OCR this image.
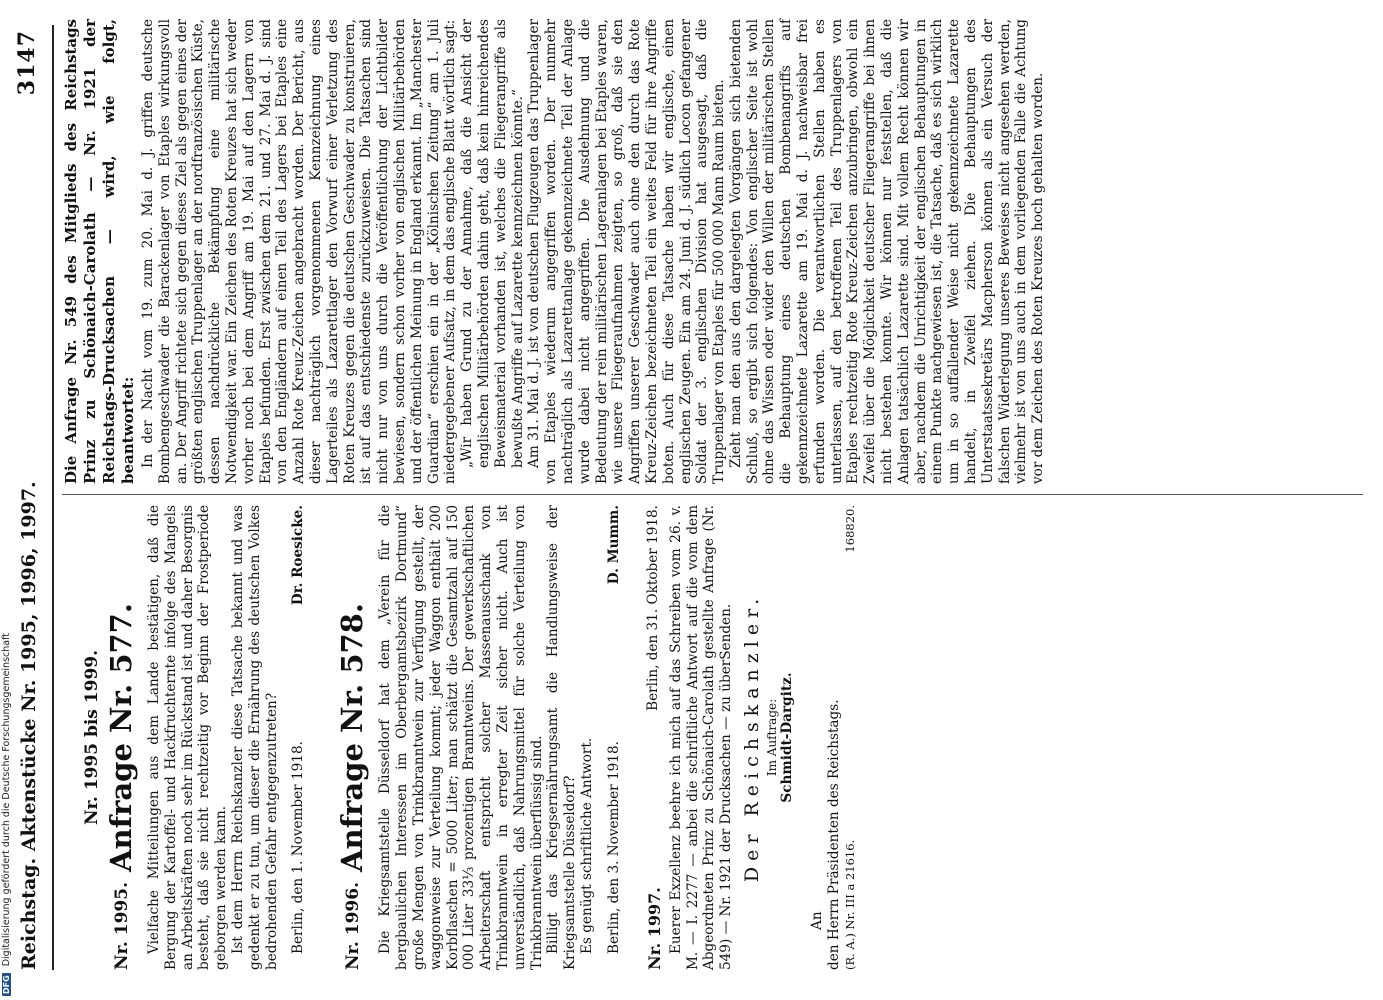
Reichstag. Aktenstücke Nr. 1995, 1996, 1997.
3147
Nr. 1995 bis 1999.
Nr. 1995.
Anfrage Nr. 577. Vielfache Mitteilungen aus dem Lande bestätigen, daß die Bergung der Kartoffel- und Hackfruchternte infolge des Mangels an Arbeitskräften noch sehr im Rückstand ist und daher Besorgnis besteht, daß sie nicht rechtzeitig vor Beginn der Frostperiode geborgen werden kann. Ist dem Herrn Reichskanzler diese Tatsache bekannt und was gedenkt er zu tun, um dieser die Ernährung des deutschen Volkes bedrohenden Gefahr entgegenzutreten? Berlin, den 1. November 1918.
Dr. Roesicke.
Nr. 1996.
Anfrage Nr. 578. Die Kriegsamtstelle Düsseldorf hat dem „Verein für die bergbaulichen Interessen im Oberbergamtsbezirk Dortmund“ große Mengen von Trinkbranntwein zur Verfügung gestellt, der waggonweise zur Verteilung kommt; jeder Waggon enthält 200 Korbflaschen = 5000 Liter; man schätzt die Gesamtzahl auf 150 000 Liter 33⅓ prozentigen Branntweins. Der gewerkschaftlichen Arbeiterschaft entspricht solcher Massenausschank von Trinkbranntwein in erregter Zeit sicher nicht. Auch ist unverständlich, daß Nahrungsmittel für solche Verteilung von Trinkbranntwein überflüssig sind. Billigt das Kriegsernährungsamt die Handlungsweise der Kriegsamtstelle Düsseldorf? Es genügt schriftliche Antwort. Berlin, den 3. November 1918.
D. Mumm.
Nr. 1997.
Berlin, den 31. Oktober 1918. Euerer Exzellenz beehre ich mich auf das Schreiben vom 26. v. M. — I. 2277 — anbei die schriftliche Antwort auf die vom dem Abgeordneten Prinz zu Schönaich-Carolath gestellte Anfrage (Nr. 549) — Nr. 1921 der Drucksachen — zu überSenden. Der Reichskanzler. Im Auftrage: Schmidt-Dargitz.
An den Herrn Präsidenten des Reichstags. (R. A.) Nr. III a 21616.
168820.

Die Anfrage Nr. 549 des Mitglieds des Reichstags Prinz zu Schönaich-Carolath — Nr. 1921 der Reichstags-Drucksachen — wird, wie folgt, beantwortet: In der Nacht vom 19. zum 20. Mai d. J. griffen deutsche Bombengeschwader die Barackenlager von Etaples wirkungsvoll an. Der Angriff richtete sich gegen dieses Ziel als gegen eines der größten englischen Truppenlager an der nordfranzösischen Küste, dessen nachdrückliche Bekämpfung eine militärische Notwendigkeit war. Ein Zeichen des Roten Kreuzes hat sich weder vorher noch bei dem Angriff am 19. Mai auf den Lagern von Etaples befunden. Erst zwischen dem 21. und 27. Mai d. J. sind von den Engländern auf einen Teil des Lagers bei Etaples eine Anzahl Rote Kreuz-Zeichen angebracht worden. Der Bericht, aus dieser nachträglich vorgenommenen Kennzeichnung eines Lagerteiles als Lazarettlager den Vorwurf einer Verletzung des Roten Kreuzes gegen die deutschen Geschwader zu konstruieren, ist auf das entschiedenste zurückzuweisen. Die Tatsachen sind nicht nur von uns durch die Veröffentlichung der Lichtbilder bewiesen, sondern schon vorher von englischen Militärbehörden und der öffentlichen Meinung in England erkannt. Im „Manchester Guardian“ erschien ein in der „Kölnischen Zeitung“ am 1. Juli niedergegebener Aufsatz, in dem das englische Blatt wörtlich sagt: „Wir haben Grund zu der Annahme, daß die Ansicht der englischen Militärbehörden dahin geht, daß kein hinreichendes Beweismaterial vorhanden ist, welches die Fliegerangriffe als bewußte Angriffe auf Lazarette kennzeichnen könnte.“ Am 31. Mai d. J. ist von deutschen Flugzeugen das Truppenlager von Etaples wiederum angegriffen worden. Der nunmehr nachträglich als Lazarettanlage gekennzeichnete Teil der Anlage wurde dabei nicht angegriffen. Die Ausdehnung und die Bedeutung der rein militärischen Lageranlagen bei Etaples waren, wie unsere Fliegeraufnahmen zeigten, so groß, daß sie den Angriffen unserer Geschwader auch ohne den durch das Rote Kreuz-Zeichen bezeichneten Teil ein weites Feld für ihre Angriffe boten. Auch für diese Tatsache haben wir englische, einen englischen Zeugen. Ein am 24. Juni d. J. südlich Locon gefangener Soldat der 3. englischen Division hat ausgesagt, daß die Truppenlager von Etaples für 500 000 Mann Raum bieten. Zieht man den aus den dargelegten Vorgängen sich bietenden Schluß, so ergibt sich folgendes: Von englischer Seite ist wohl ohne das Wissen oder wider den Willen der militärischen Stellen die Behauptung eines deutschen Bombenangriffs auf gekennzeichnete Lazarette am 19. Mai d. J. nachweisbar frei erfunden worden. Die verantwortlichen Stellen haben es unterlassen, auf den betroffenen Teil des Truppenlagers von Etaples rechtzeitig Rote Kreuz-Zeichen anzubringen, obwohl ein Zweifel über die Möglichkeit deutscher Fliegerangriffe bei ihnen nicht bestehen konnte. Wir können nur feststellen, daß die Anlagen tatsächlich Lazarette sind. Mit vollem Recht können wir aber, nachdem die Unrichtigkeit der englischen Behauptungen in einem Punkte nachgewiesen ist, die Tatsache, daß es sich wirklich um in so auffallender Weise nicht gekennzeichnete Lazarette handelt, in Zweifel ziehen. Die Behauptungen des Unterstaatssekretärs Macpherson können als ein Versuch der falschen Widerlegung unseres Beweises nicht angesehen werden, vielmehr ist von uns auch in dem vorliegenden Falle die Achtung vor dem Zeichen des Roten Kreuzes hoch gehalten worden.

DFG Digitalisierung gefördert durch die Deutsche Forschungsgemeinschaft
